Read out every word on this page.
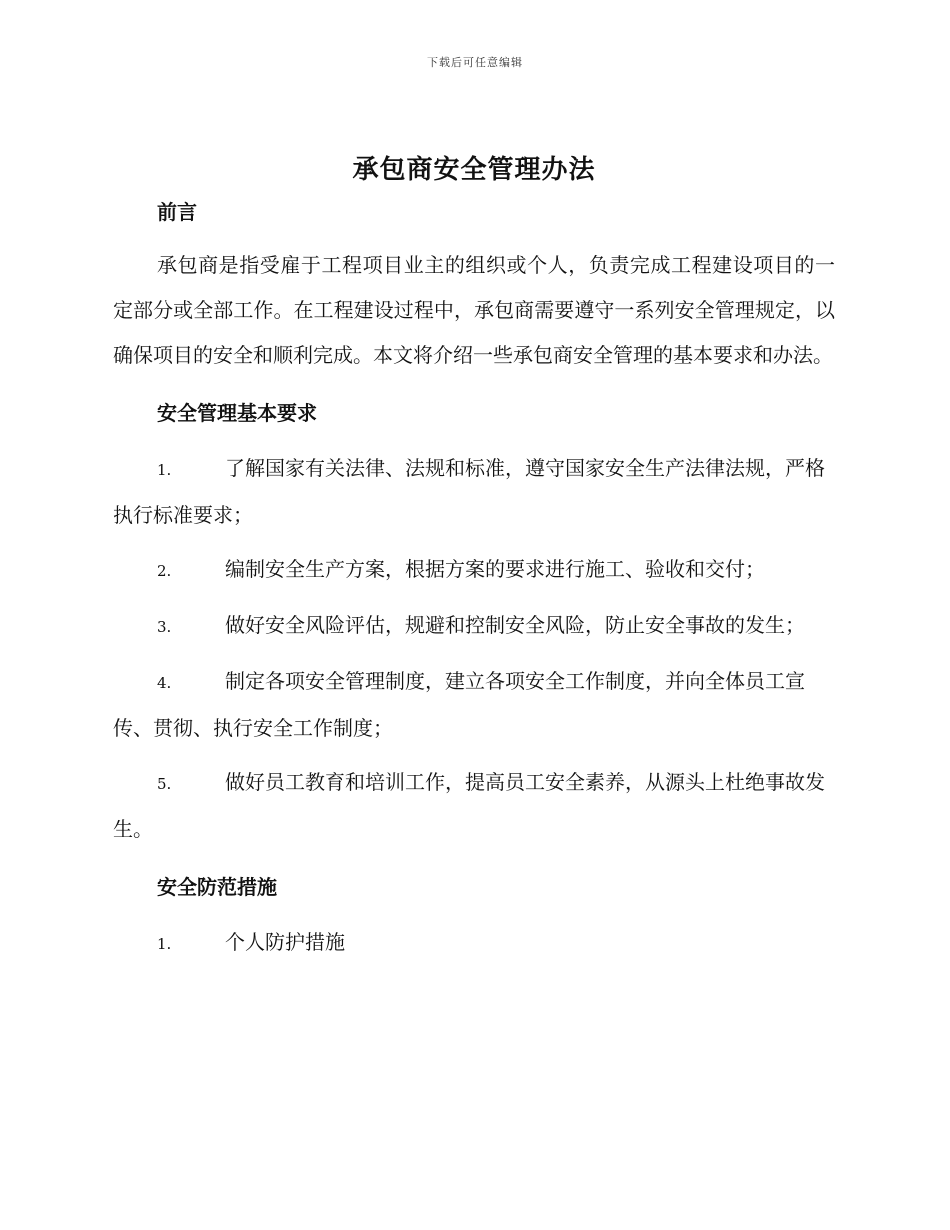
下载后可任意编辑
承包商安全管理办法
前言

承包商是指受雇于工程项目业主的组织或个人，负责完成工程建设项目的一定部分或全部工作。在工程建设过程中，承包商需要遵守一系列安全管理规定，以确保项目的安全和顺利完成。本文将介绍一些承包商安全管理的基本要求和办法。

安全管理基本要求
1.	了解国家有关法律、法规和标准，遵守国家安全生产法律法规，严格执行标准要求；
2.	编制安全生产方案，根据方案的要求进行施工、验收和交付；
3.	做好安全风险评估，规避和控制安全风险，防止安全事故的发生；
4.	制定各项安全管理制度，建立各项安全工作制度，并向全体员工宣传、贯彻、执行安全工作制度；
5.	做好员工教育和培训工作，提高员工安全素养，从源头上杜绝事故发生。
安全防范措施
1.	个人防护措施
